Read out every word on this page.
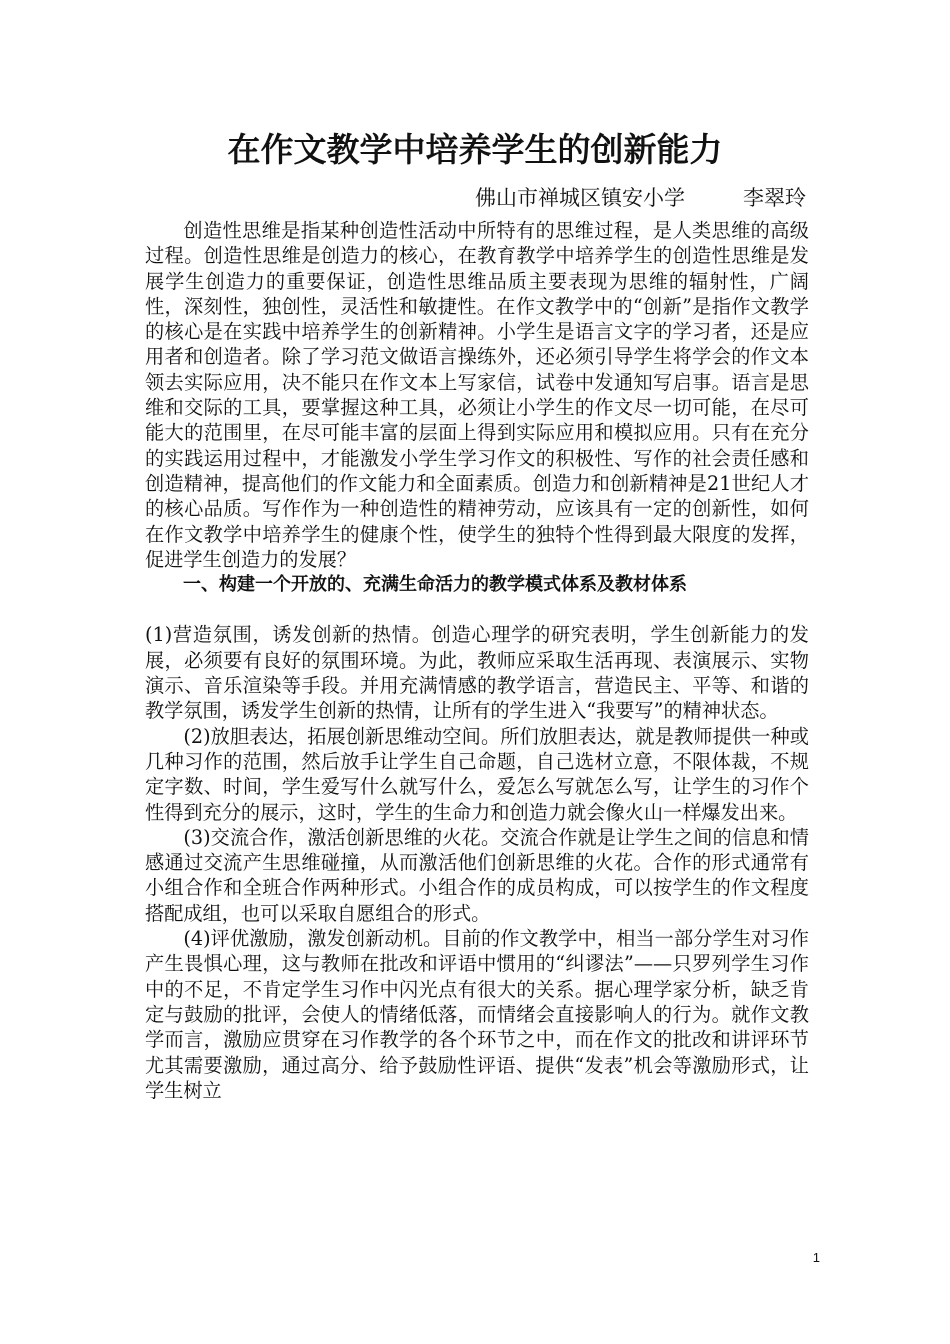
在作文教学中培养学生的创新能力
佛山市禅城区镇安小学	李翠玲

创造性思维是指某种创造性活动中所特有的思维过程，是人类思维的高级过程。创造性思维是创造力的核心，在教育教学中培养学生的创造性思维是发展学生创造力的重要保证，创造性思维品质主要表现为思维的辐射性，广阔性，深刻性，独创性，灵活性和敏捷性。在作文教学中的“创新”是指作文教学的核心是在实践中培养学生的创新精神。小学生是语言文字的学习者，还是应用者和创造者。除了学习范文做语言操练外，还必须引导学生将学会的作文本领去实际应用，决不能只在作文本上写家信，试卷中发通知写启事。语言是思维和交际的工具，要掌握这种工具，必须让小学生的作文尽一切可能，在尽可能大的范围里，在尽可能丰富的层面上得到实际应用和模拟应用。只有在充分的实践运用过程中，才能激发小学生学习作文的积极性、写作的社会责任感和创造精神，提高他们的作文能力和全面素质。创造力和创新精神是21世纪人才的核心品质。写作作为一种创造性的精神劳动，应该具有一定的创新性，如何在作文教学中培养学生的健康个性，使学生的独特个性得到最大限度的发挥，促进学生创造力的发展？

一、构建一个开放的、充满生命活力的教学模式体系及教材体系

(1)营造氛围，诱发创新的热情。创造心理学的研究表明，学生创新能力的发展，必须要有良好的氛围环境。为此，教师应采取生活再现、表演展示、实物演示、音乐渲染等手段。并用充满情感的教学语言，营造民主、平等、和谐的教学氛围，诱发学生创新的热情，让所有的学生进入“我要写”的精神状态。

(2)放胆表达，拓展创新思维动空间。所们放胆表达，就是教师提供一种或几种习作的范围，然后放手让学生自己命题，自己选材立意，不限体裁，不规定字数、时间，学生爱写什么就写什么，爱怎么写就怎么写，让学生的习作个性得到充分的展示，这时，学生的生命力和创造力就会像火山一样爆发出来。

(3)交流合作，激活创新思维的火花。交流合作就是让学生之间的信息和情感通过交流产生思维碰撞，从而激活他们创新思维的火花。合作的形式通常有小组合作和全班合作两种形式。小组合作的成员构成，可以按学生的作文程度搭配成组，也可以采取自愿组合的形式。

(4)评优激励，激发创新动机。目前的作文教学中，相当一部分学生对习作产生畏惧心理，这与教师在批改和评语中惯用的“纠谬法”——只罗列学生习作中的不足，不肯定学生习作中闪光点有很大的关系。据心理学家分析，缺乏肯定与鼓励的批评，会使人的情绪低落，而情绪会直接影响人的行为。就作文教学而言，激励应贯穿在习作教学的各个环节之中，而在作文的批改和讲评环节尤其需要激励，通过高分、给予鼓励性评语、提供“发表”机会等激励形式，让学生树立

1
